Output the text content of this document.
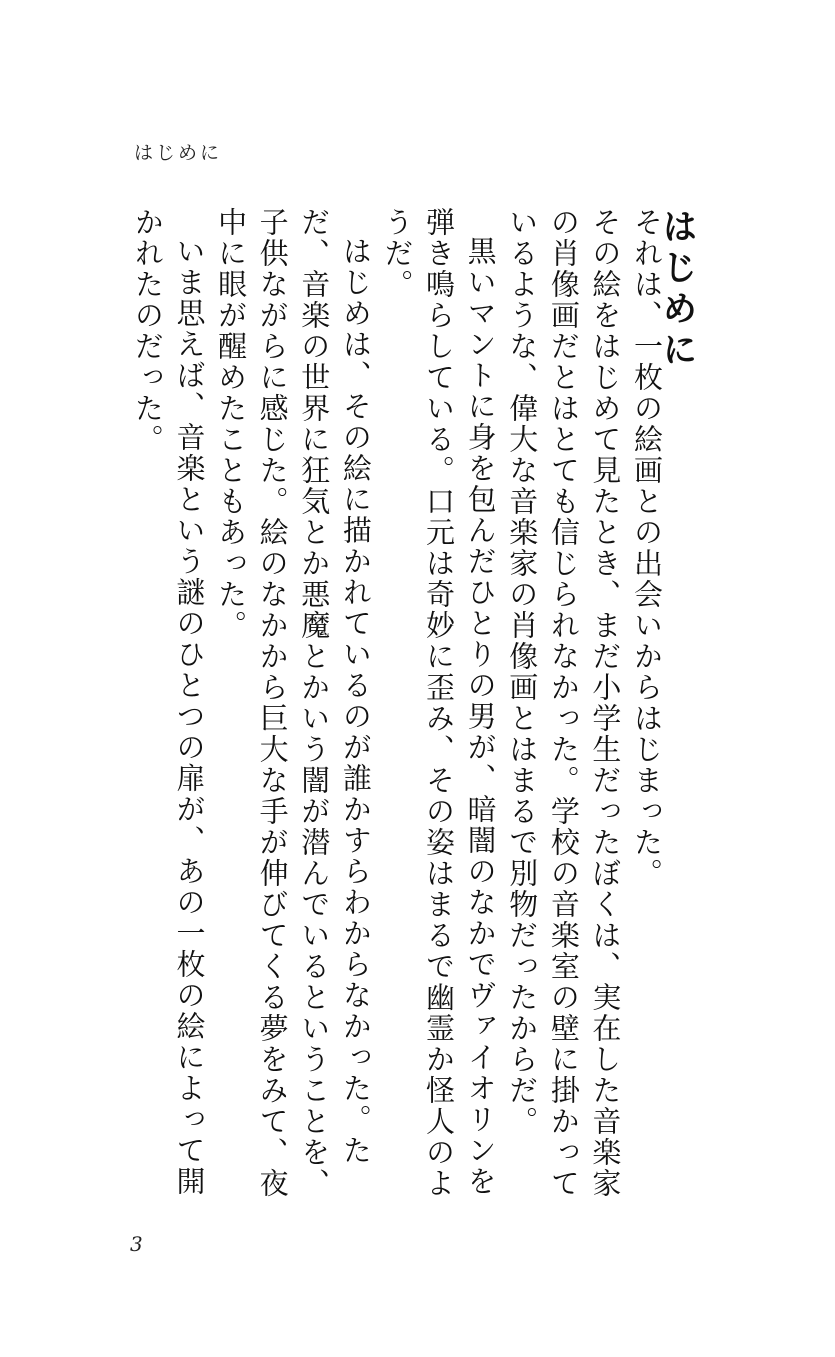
はじめに

はじめに

それは、一枚の絵画との出会いからはじまった。

その絵をはじめて見たとき、まだ小学生だったぼくは、実在した音楽家の肖像画だとはとても信じられなかった。学校の音楽室の壁に掛かっているような、偉大な音楽家の肖像画とはまるで別物だったからだ。

黒いマントに身を包んだひとりの男が、暗闇のなかでヴァイオリンを弾き鳴らしている。口元は奇妙に歪み、その姿はまるで幽霊か怪人のようだ。

はじめは、その絵に描かれているのが誰かすらわからなかった。ただ、音楽の世界に狂気とか悪魔とかいう闇が潜んでいるということを、子供ながらに感じた。絵のなかから巨大な手が伸びてくる夢をみて、夜中に眼が醒めたこともあった。

いま思えば、音楽という謎のひとつの扉が、あの一枚の絵によって開かれたのだった。

3
